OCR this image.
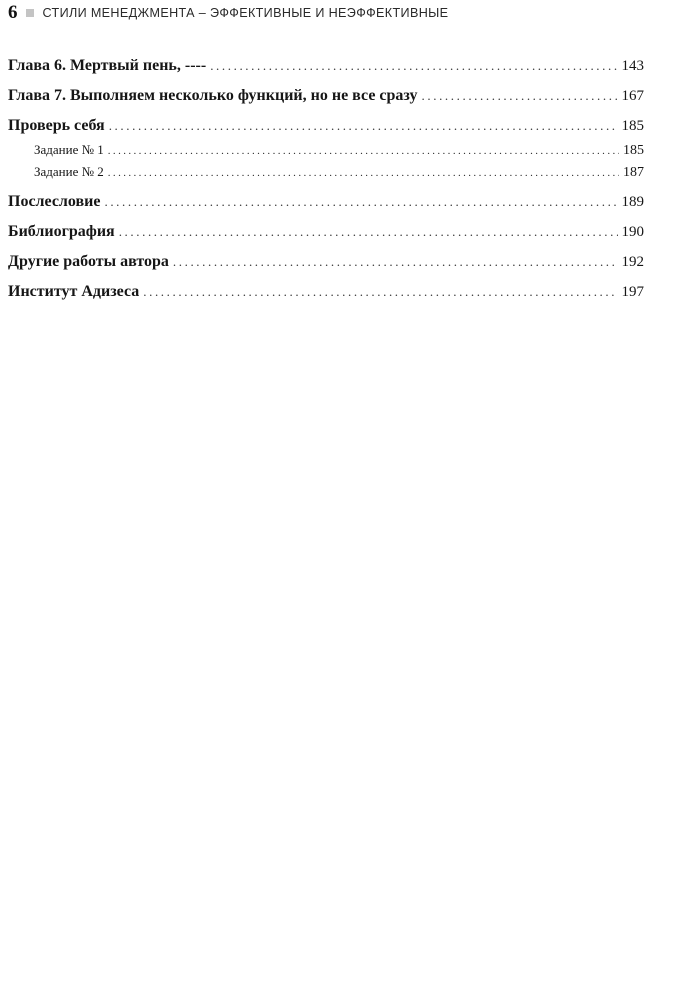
6 СТИЛИ МЕНЕДЖМЕНТА – ЭФФЕКТИВНЫЕ И НЕЭФФЕКТИВНЫЕ
Глава 6. Мертвый пень, ---- .....	143
Глава 7. Выполняем несколько функций, но не все сразу .....	167
Проверь себя .....	185
Задание № 1 .....	185
Задание № 2 .....	187
Послесловие .....	189
Библиография .....	190
Другие работы автора .....	192
Институт Адизеса .....	197
